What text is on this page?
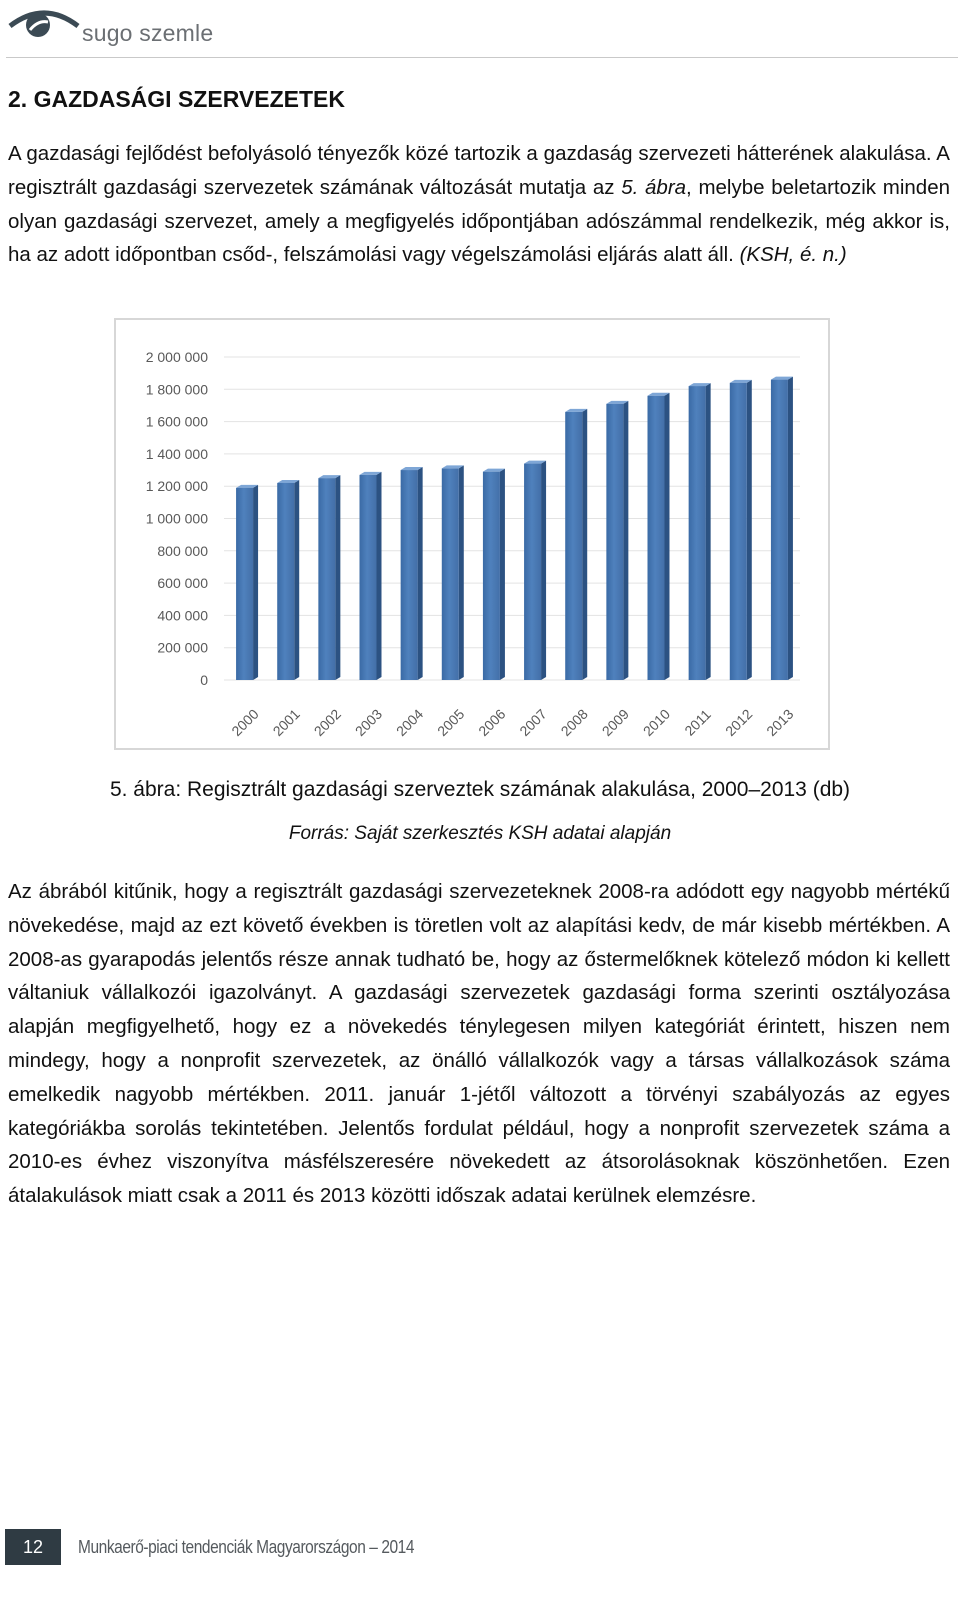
sugo szemle
2. GAZDASÁGI SZERVEZETEK

A gazdasági fejlődést befolyásoló tényezők közé tartozik a gazdaság szervezeti hátterének alakulása. A regisztrált gazdasági szervezetek számának változását mutatja az 5. ábra, melybe beletartozik minden olyan gazdasági szervezet, amely a megfigyelés időpontjában adószámmal rendelkezik, még akkor is, ha az adott időpontban csőd-, felszámolási vagy végelszámolási eljárás alatt áll. (KSH, é. n.)

0
200 000
400 000
600 000
800 000
1 000 000
1 200 000
1 400 000
1 600 000
1 800 000
2 000 000
2000 2001 2002 2003 2004 2005 2006 2007 2008 2009 2010 2011 2012 2013

5. ábra: Regisztrált gazdasági szerveztek számának alakulása, 2000–2013 (db)

Forrás: Saját szerkesztés KSH adatai alapján

Az ábrából kitűnik, hogy a regisztrált gazdasági szervezeteknek 2008-ra adódott egy nagyobb mértékű növekedése, majd az ezt követő években is töretlen volt az alapítási kedv, de már kisebb mértékben. A 2008-as gyarapodás jelentős része annak tudható be, hogy az őstermelőknek kötelező módon ki kellett váltaniuk vállalkozói igazolványt. A gazdasági szervezetek gazdasági forma szerinti osztályozása alapján megfigyelhető, hogy ez a növekedés ténylegesen milyen kategóriát érintett, hiszen nem mindegy, hogy a nonprofit szervezetek, az önálló vállalkozók vagy a társas vállalkozások száma emelkedik nagyobb mértékben. 2011. január 1-jétől változott a törvényi szabályozás az egyes kategóriákba sorolás tekintetében. Jelentős fordulat például, hogy a nonprofit szervezetek száma a 2010-es évhez viszonyítva másfélszeresére növekedett az átsorolásoknak köszönhetően. Ezen átalakulások miatt csak a 2011 és 2013 közötti időszak adatai kerülnek elemzésre.

12	Munkaerő-piaci tendenciák Magyarországon – 2014
